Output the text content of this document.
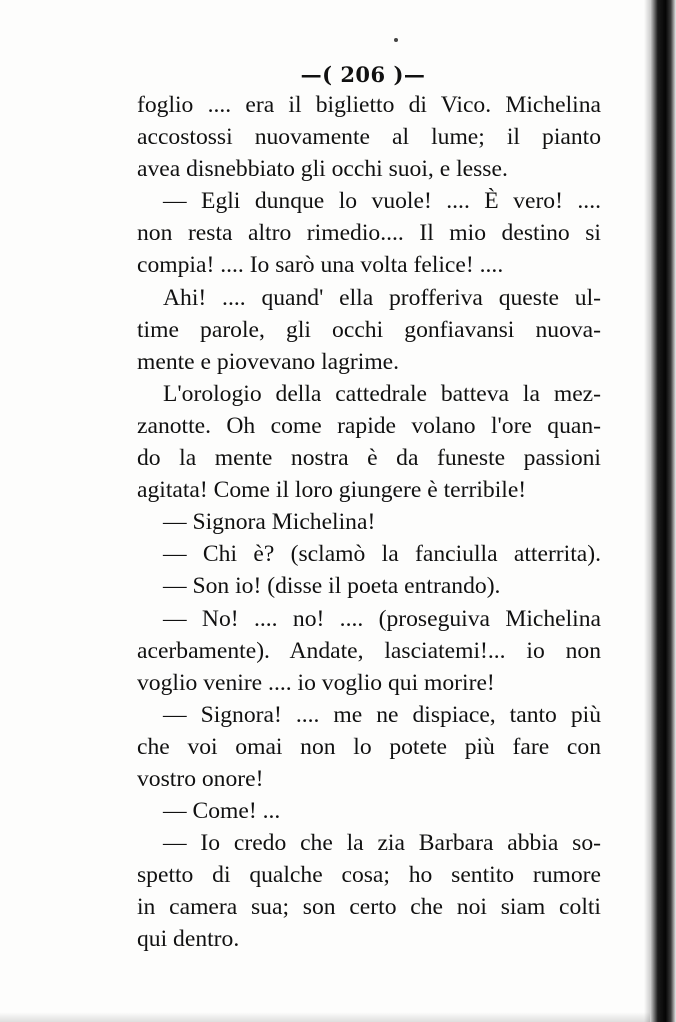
—( 206 )—
foglio .... era il biglietto di Vico. Michelina
accostossi nuovamente al lume; il pianto
avea disnebbiato gli occhi suoi, e lesse.
— Egli dunque lo vuole! .... È vero! ....
non resta altro rimedio.... Il mio destino si
compia! .... Io sarò una volta felice! ....
Ahi! .... quand' ella profferiva queste ul-
time parole, gli occhi gonfiavansi nuova-
mente e piovevano lagrime.
L'orologio della cattedrale batteva la mez-
zanotte. Oh come rapide volano l'ore quan-
do la mente nostra è da funeste passioni
agitata! Come il loro giungere è terribile!
— Signora Michelina!
— Chi è? (sclamò la fanciulla atterrita).
— Son io! (disse il poeta entrando).
— No! .... no! .... (proseguiva Michelina
acerbamente). Andate, lasciatemi!... io non
voglio venire .... io voglio qui morire!
— Signora! .... me ne dispiace, tanto più
che voi omai non lo potete più fare con
vostro onore!
— Come! ...
— Io credo che la zia Barbara abbia so-
spetto di qualche cosa; ho sentito rumore
in camera sua; son certo che noi siam colti
qui dentro.
